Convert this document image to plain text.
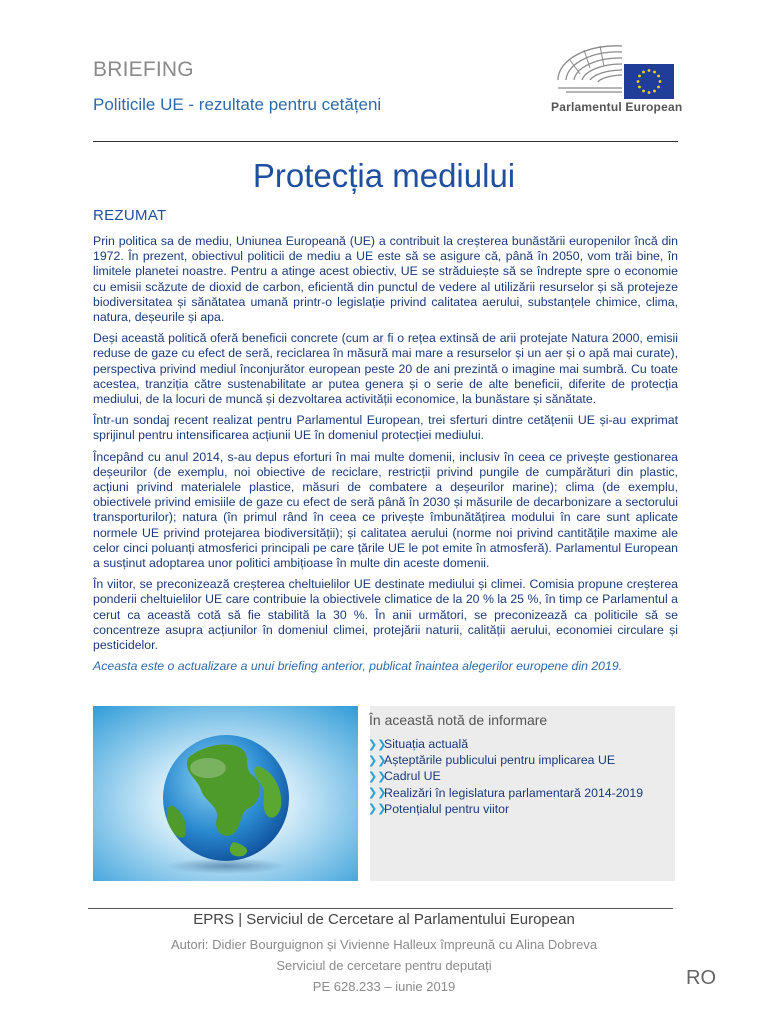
BRIEFING
Politicile UE - rezultate pentru cetățeni	Parlamentul European
Protecția mediului
REZUMAT

Prin politica sa de mediu, Uniunea Europeană (UE) a contribuit la creșterea bunăstării europenilor încă din 1972. În prezent, obiectivul politicii de mediu a UE este să se asigure că, până în 2050, vom trăi bine, în limitele planetei noastre. Pentru a atinge acest obiectiv, UE se străduiește să se îndrepte spre o economie cu emisii scăzute de dioxid de carbon, eficientă din punctul de vedere al utilizării resurselor și să protejeze biodiversitatea și sănătatea umană printr-o legislație privind calitatea aerului, substanțele chimice, clima, natura, deșeurile și apa.

Deși această politică oferă beneficii concrete (cum ar fi o rețea extinsă de arii protejate Natura 2000, emisii reduse de gaze cu efect de seră, reciclarea în măsură mai mare a resurselor și un aer și o apă mai curate), perspectiva privind mediul înconjurător european peste 20 de ani prezintă o imagine mai sumbră. Cu toate acestea, tranziția către sustenabilitate ar putea genera și o serie de alte beneficii, diferite de protecția mediului, de la locuri de muncă și dezvoltarea activității economice, la bunăstare și sănătate.

Într-un sondaj recent realizat pentru Parlamentul European, trei sferturi dintre cetățenii UE și-au exprimat sprijinul pentru intensificarea acțiunii UE în domeniul protecției mediului.

Începând cu anul 2014, s-au depus eforturi în mai multe domenii, inclusiv în ceea ce privește gestionarea deșeurilor (de exemplu, noi obiective de reciclare, restricții privind pungile de cumpărături din plastic, acțiuni privind materialele plastice, măsuri de combatere a deșeurilor marine); clima (de exemplu, obiectivele privind emisiile de gaze cu efect de seră până în 2030 și măsurile de decarbonizare a sectorului transporturilor); natura (în primul rând în ceea ce privește îmbunătățirea modului în care sunt aplicate normele UE privind protejarea biodiversității); și calitatea aerului (norme noi privind cantitățile maxime ale celor cinci poluanți atmosferici principali pe care țările UE le pot emite în atmosferă). Parlamentul European a susținut adoptarea unor politici ambițioase în multe din aceste domenii.

În viitor, se preconizează creșterea cheltuielilor UE destinate mediului și climei. Comisia propune creșterea ponderii cheltuielilor UE care contribuie la obiectivele climatice de la 20 % la 25 %, în timp ce Parlamentul a cerut ca această cotă să fie stabilită la 30 %. În anii următori, se preconizează ca politicile să se concentreze asupra acțiunilor în domeniul climei, protejării naturii, calității aerului, economiei circulare și pesticidelor.

Aceasta este o actualizare a unui briefing anterior, publicat înaintea alegerilor europene din 2019.

În această notă de informare
❯❯
Situația actuală
❯❯
Așteptările publicului pentru implicarea UE
❯❯
Cadrul UE
❯❯
Realizări în legislatura parlamentară 2014-2019
❯❯
Potențialul pentru viitor
EPRS | Serviciul de Cercetare al Parlamentului European
Autori: Didier Bourguignon și Vivienne Halleux împreună cu Alina Dobreva
Serviciul de cercetare pentru deputați
PE 628.233 – iunie 2019	RO
